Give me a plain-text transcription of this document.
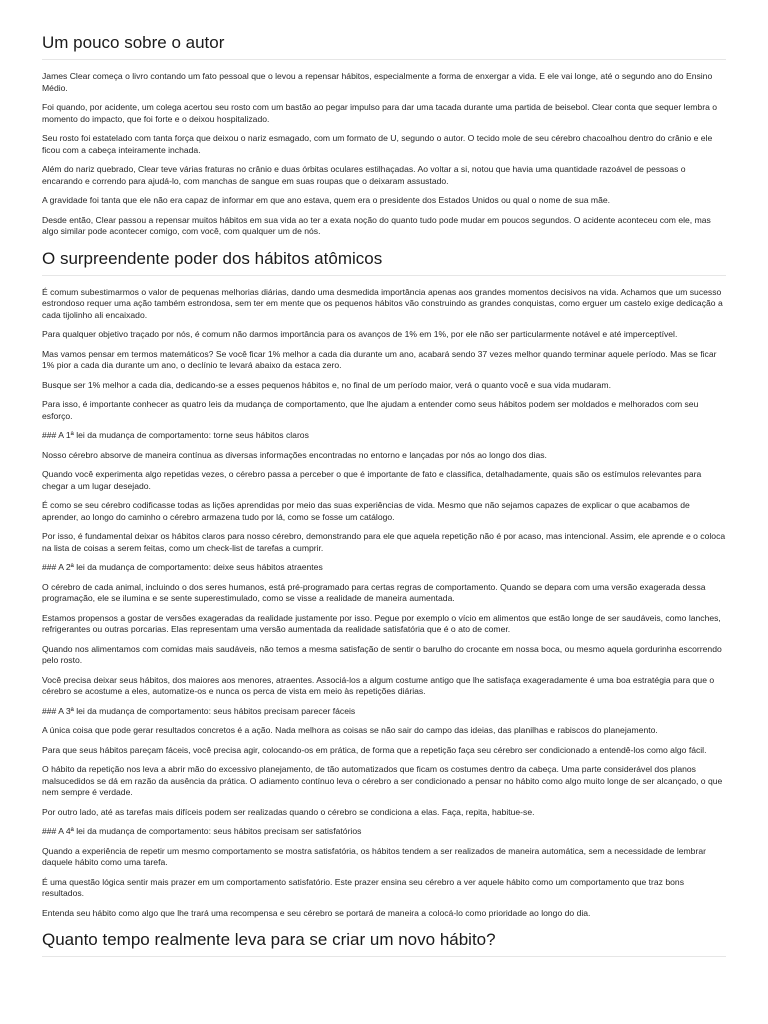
Um pouco sobre o autor

James Clear começa o livro contando um fato pessoal que o levou a repensar hábitos, especialmente a forma de enxergar a vida. E ele vai longe, até o segundo ano do Ensino Médio.

Foi quando, por acidente, um colega acertou seu rosto com um bastão ao pegar impulso para dar uma tacada durante uma partida de beisebol. Clear conta que sequer lembra o momento do impacto, que foi forte e o deixou hospitalizado.

Seu rosto foi estatelado com tanta força que deixou o nariz esmagado, com um formato de U, segundo o autor. O tecido mole de seu cérebro chacoalhou dentro do crânio e ele ficou com a cabeça inteiramente inchada.

Além do nariz quebrado, Clear teve várias fraturas no crânio e duas órbitas oculares estilhaçadas. Ao voltar a si, notou que havia uma quantidade razoável de pessoas o encarando e correndo para ajudá-lo, com manchas de sangue em suas roupas que o deixaram assustado.

A gravidade foi tanta que ele não era capaz de informar em que ano estava, quem era o presidente dos Estados Unidos ou qual o nome de sua mãe.

Desde então, Clear passou a repensar muitos hábitos em sua vida ao ter a exata noção do quanto tudo pode mudar em poucos segundos. O acidente aconteceu com ele, mas algo similar pode acontecer comigo, com você, com qualquer um de nós.

O surpreendente poder dos hábitos atômicos

É comum subestimarmos o valor de pequenas melhorias diárias, dando uma desmedida importância apenas aos grandes momentos decisivos na vida. Achamos que um sucesso estrondoso requer uma ação também estrondosa, sem ter em mente que os pequenos hábitos vão construindo as grandes conquistas, como erguer um castelo exige dedicação a cada tijolinho ali encaixado.

Para qualquer objetivo traçado por nós, é comum não darmos importância para os avanços de 1% em 1%, por ele não ser particularmente notável e até imperceptível.

Mas vamos pensar em termos matemáticos? Se você ficar 1% melhor a cada dia durante um ano, acabará sendo 37 vezes melhor quando terminar aquele período. Mas se ficar 1% pior a cada dia durante um ano, o declínio te levará abaixo da estaca zero.

Busque ser 1% melhor a cada dia, dedicando-se a esses pequenos hábitos e, no final de um período maior, verá o quanto você e sua vida mudaram.

Para isso, é importante conhecer as quatro leis da mudança de comportamento, que lhe ajudam a entender como seus hábitos podem ser moldados e melhorados com seu esforço.

### A 1ª lei da mudança de comportamento: torne seus hábitos claros

Nosso cérebro absorve de maneira contínua as diversas informações encontradas no entorno e lançadas por nós ao longo dos dias.

Quando você experimenta algo repetidas vezes, o cérebro passa a perceber o que é importante de fato e classifica, detalhadamente, quais são os estímulos relevantes para chegar a um lugar desejado.

É como se seu cérebro codificasse todas as lições aprendidas por meio das suas experiências de vida. Mesmo que não sejamos capazes de explicar o que acabamos de aprender, ao longo do caminho o cérebro armazena tudo por lá, como se fosse um catálogo.

Por isso, é fundamental deixar os hábitos claros para nosso cérebro, demonstrando para ele que aquela repetição não é por acaso, mas intencional. Assim, ele aprende e o coloca na lista de coisas a serem feitas, como um check-list de tarefas a cumprir.

### A 2ª lei da mudança de comportamento: deixe seus hábitos atraentes

O cérebro de cada animal, incluindo o dos seres humanos, está pré-programado para certas regras de comportamento. Quando se depara com uma versão exagerada dessa programação, ele se ilumina e se sente superestimulado, como se visse a realidade de maneira aumentada.

Estamos propensos a gostar de versões exageradas da realidade justamente por isso. Pegue por exemplo o vício em alimentos que estão longe de ser saudáveis, como lanches, refrigerantes ou outras porcarias. Elas representam uma versão aumentada da realidade satisfatória que é o ato de comer.

Quando nos alimentamos com comidas mais saudáveis, não temos a mesma satisfação de sentir o barulho do crocante em nossa boca, ou mesmo aquela gordurinha escorrendo pelo rosto.

Você precisa deixar seus hábitos, dos maiores aos menores, atraentes. Associá-los a algum costume antigo que lhe satisfaça exageradamente é uma boa estratégia para que o cérebro se acostume a eles, automatize-os e nunca os perca de vista em meio às repetições diárias.

### A 3ª lei da mudança de comportamento: seus hábitos precisam parecer fáceis

A única coisa que pode gerar resultados concretos é a ação. Nada melhora as coisas se não sair do campo das ideias, das planilhas e rabiscos do planejamento.

Para que seus hábitos pareçam fáceis, você precisa agir, colocando-os em prática, de forma que a repetição faça seu cérebro ser condicionado a entendê-los como algo fácil.

O hábito da repetição nos leva a abrir mão do excessivo planejamento, de tão automatizados que ficam os costumes dentro da cabeça. Uma parte considerável dos planos malsucedidos se dá em razão da ausência da prática. O adiamento contínuo leva o cérebro a ser condicionado a pensar no hábito como algo muito longe de ser alcançado, o que nem sempre é verdade.

Por outro lado, até as tarefas mais difíceis podem ser realizadas quando o cérebro se condiciona a elas. Faça, repita, habitue-se.

### A 4ª lei da mudança de comportamento: seus hábitos precisam ser satisfatórios

Quando a experiência de repetir um mesmo comportamento se mostra satisfatória, os hábitos tendem a ser realizados de maneira automática, sem a necessidade de lembrar daquele hábito como uma tarefa.

É uma questão lógica sentir mais prazer em um comportamento satisfatório. Este prazer ensina seu cérebro a ver aquele hábito como um comportamento que traz bons resultados.

Entenda seu hábito como algo que lhe trará uma recompensa e seu cérebro se portará de maneira a colocá-lo como prioridade ao longo do dia.

Quanto tempo realmente leva para se criar um novo hábito?
